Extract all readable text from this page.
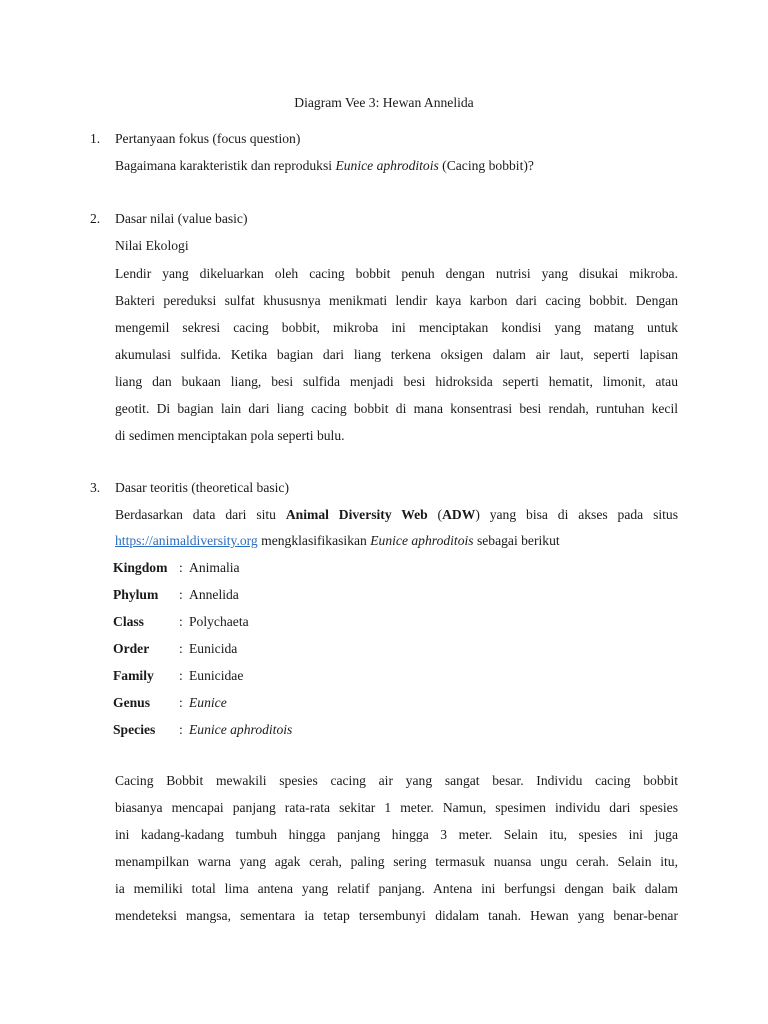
Diagram Vee 3: Hewan Annelida
1.	Pertanyaan fokus (focus question)
Bagaimana karakteristik dan reproduksi Eunice aphroditois (Cacing bobbit)?
2.	Dasar nilai (value basic)
Nilai Ekologi
Lendir yang dikeluarkan oleh cacing bobbit penuh dengan nutrisi yang disukai mikroba.
Bakteri pereduksi sulfat khususnya menikmati lendir kaya karbon dari cacing bobbit. Dengan
mengemil sekresi cacing bobbit, mikroba ini menciptakan kondisi yang matang untuk
akumulasi sulfida. Ketika bagian dari liang terkena oksigen dalam air laut, seperti lapisan
liang dan bukaan liang, besi sulfida menjadi besi hidroksida seperti hematit, limonit, atau
geotit. Di bagian lain dari liang cacing bobbit di mana konsentrasi besi rendah, runtuhan kecil
di sedimen menciptakan pola seperti bulu.
3.	Dasar teoritis (theoretical basic)

Berdasarkan data dari situ Animal Diversity Web (ADW) yang bisa di akses pada situs

https://animaldiversity.org mengklasifikasikan Eunice aphroditois sebagai berikut
Kingdom : Animalia
Phylum : Annelida
Class	: Polychaeta
Order : Eunicida
Family : Eunicidae
Genus : Eunice
Species : Eunice aphroditois
Cacing Bobbit mewakili spesies cacing air yang sangat besar. Individu cacing bobbit
biasanya mencapai panjang rata-rata sekitar 1 meter. Namun, spesimen individu dari spesies
ini kadang-kadang tumbuh hingga panjang hingga 3 meter. Selain itu, spesies ini juga
menampilkan warna yang agak cerah, paling sering termasuk nuansa ungu cerah. Selain itu,
ia memiliki total lima antena yang relatif panjang. Antena ini berfungsi dengan baik dalam
mendeteksi mangsa, sementara ia tetap tersembunyi didalam tanah. Hewan yang benar-benar
